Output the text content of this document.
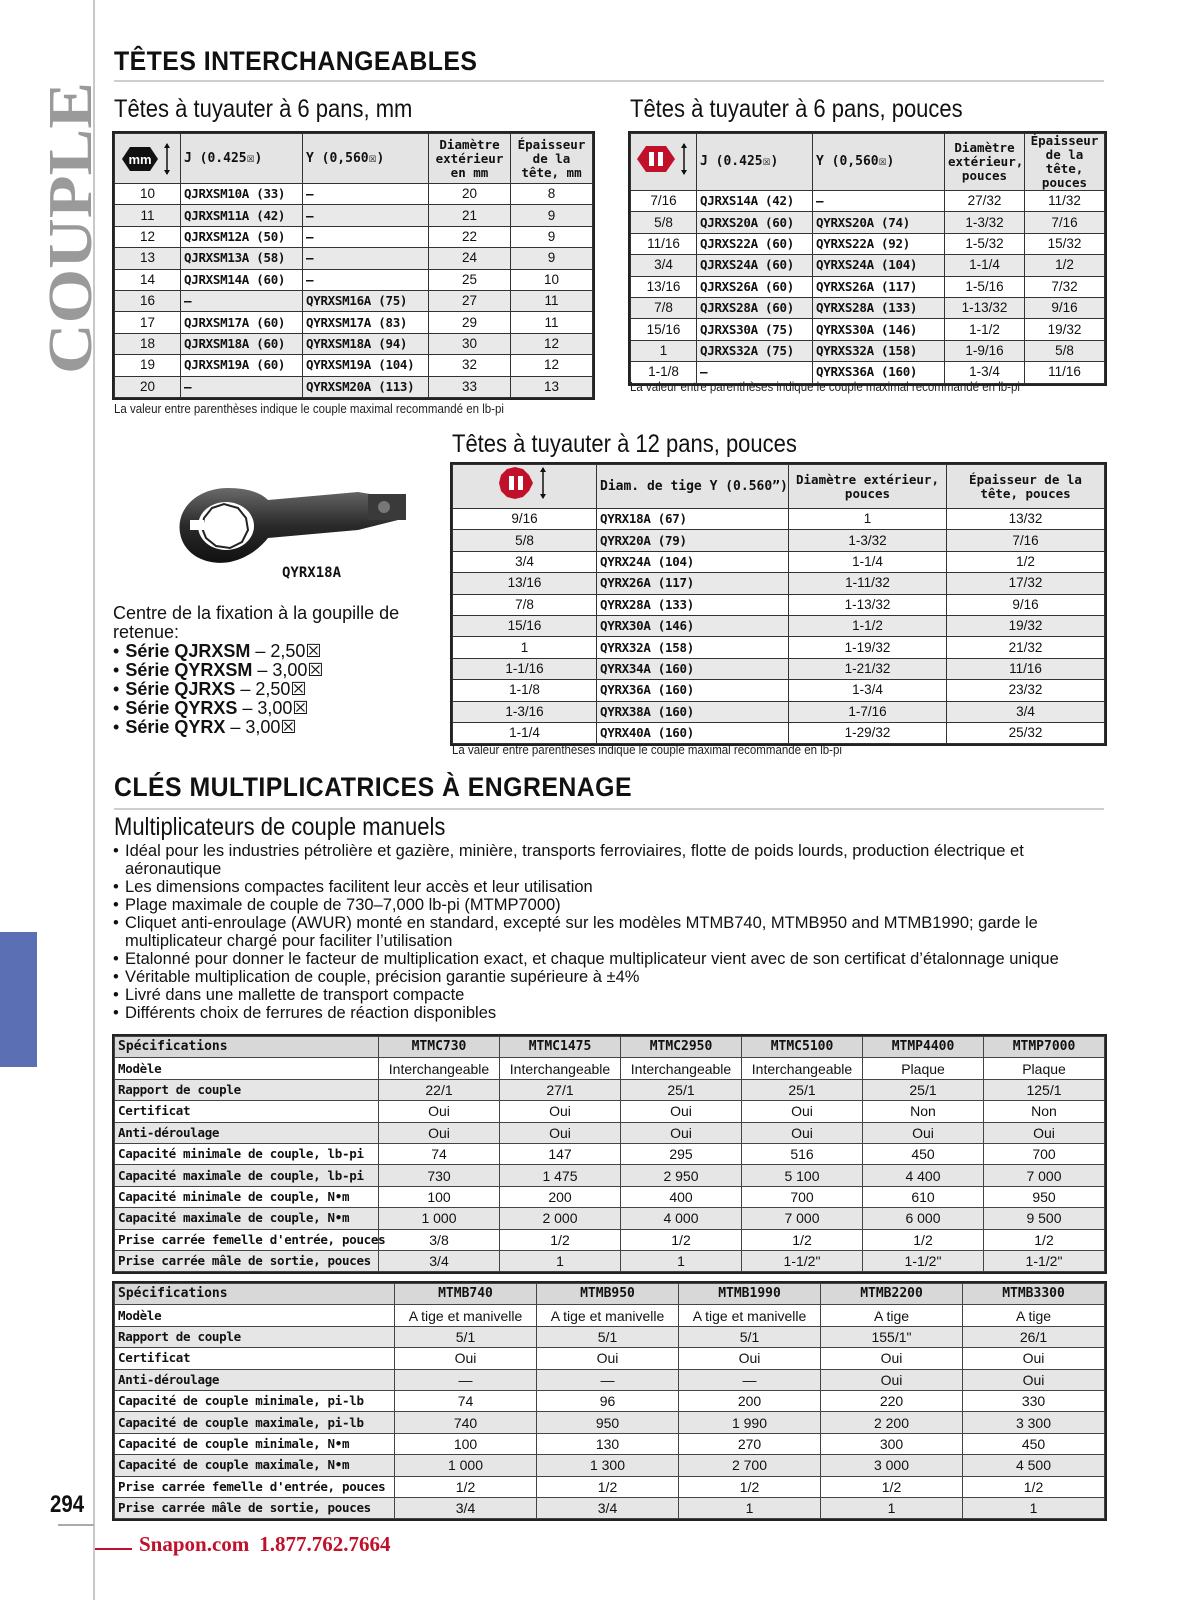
COUPLE
294
TÊTES INTERCHANGEABLES
Têtes à tuyauter à 6 pans, mm
mm	J (0.425☒)	Y (0,560☒)	Diamètre extérieur en mm	Épaisseur de la tête, mm
10	QJRXSM10A (33)	—	20	8
11	QJRXSM11A (42)	—	21	9
12	QJRXSM12A (50)	—	22	9
13	QJRXSM13A (58)	—	24	9
14	QJRXSM14A (60)	—	25	10
16	—	QYRXSM16A (75)	27	11
17	QJRXSM17A (60)	QYRXSM17A (83)	29	11
18	QJRXSM18A (60)	QYRXSM18A (94)	30	12
19	QJRXSM19A (60)	QYRXSM19A (104)	32	12
20	—	QYRXSM20A (113)	33	13
La valeur entre parenthèses indique le couple maximal recommandé en lb-pi
Têtes à tuyauter à 6 pans, pouces
	J (0.425☒)	Y (0,560☒)	Diamètre extérieur, pouces	Épaisseur de la tête, pouces
7/16	QJRXS14A (42)	—	27/32	11/32
5/8	QJRXS20A (60)	QYRXS20A (74)	1-3/32	7/16
11/16	QJRXS22A (60)	QYRXS22A (92)	1-5/32	15/32
3/4	QJRXS24A (60)	QYRXS24A (104)	1-1/4	1/2
13/16	QJRXS26A (60)	QYRXS26A (117)	1-5/16	7/32
7/8	QJRXS28A (60)	QYRXS28A (133)	1-13/32	9/16
15/16	QJRXS30A (75)	QYRXS30A (146)	1-1/2	19/32
1	QJRXS32A (75)	QYRXS32A (158)	1-9/16	5/8
1-1/8	—	QYRXS36A (160)	1-3/4	11/16
La valeur entre parenthèses indique le couple maximal recommandé en lb-pi
QYRX18A
Centre de la fixation à la goupille de retenue:
• Série QJRXSM – 2,50☒
• Série QYRXSM – 3,00☒
• Série QJRXS – 2,50☒
• Série QYRXS – 3,00☒
• Série QYRX – 3,00☒
Têtes à tuyauter à 12 pans, pouces
	Diam. de tige Y (0.560”)	Diamètre extérieur, pouces	Épaisseur de la tête, pouces
9/16	QYRX18A (67)	1	13/32
5/8	QYRX20A (79)	1-3/32	7/16
3/4	QYRX24A (104)	1-1/4	1/2
13/16	QYRX26A (117)	1-11/32	17/32
7/8	QYRX28A (133)	1-13/32	9/16
15/16	QYRX30A (146)	1-1/2	19/32
1	QYRX32A (158)	1-19/32	21/32
1-1/16	QYRX34A (160)	1-21/32	11/16
1-1/8	QYRX36A (160)	1-3/4	23/32
1-3/16	QYRX38A (160)	1-7/16	3/4
1-1/4	QYRX40A (160)	1-29/32	25/32
La valeur entre parenthèses indique le couple maximal recommandé en lb-pi
CLÉS MULTIPLICATRICES À ENGRENAGE
Multiplicateurs de couple manuels
• Idéal pour les industries pétrolière et gazière, minière, transports ferroviaires, flotte de poids lourds, production électrique et aéronautique
• Les dimensions compactes facilitent leur accès et leur utilisation
• Plage maximale de couple de 730–7,000 lb-pi (MTMP7000)
• Cliquet anti-enroulage (AWUR) monté en standard, excepté sur les modèles MTMB740, MTMB950 and MTMB1990; garde le multiplicateur chargé pour faciliter l’utilisation
• Etalonné pour donner le facteur de multiplication exact, et chaque multiplicateur vient avec de son certificat d’étalonnage unique
• Véritable multiplication de couple, précision garantie supérieure à ±4%
• Livré dans une mallette de transport compacte
• Différents choix de ferrures de réaction disponibles
Spécifications	MTMC730	MTMC1475	MTMC2950	MTMC5100	MTMP4400	MTMP7000
Modèle	Interchangeable	Interchangeable	Interchangeable	Interchangeable	Plaque	Plaque
Rapport de couple	22/1	27/1	25/1	25/1	25/1	125/1
Certificat	Oui	Oui	Oui	Oui	Non	Non
Anti-déroulage	Oui	Oui	Oui	Oui	Oui	Oui
Capacité minimale de couple, lb-pi	74	147	295	516	450	700
Capacité maximale de couple, lb-pi	730	1 475	2 950	5 100	4 400	7 000
Capacité minimale de couple, N•m	100	200	400	700	610	950
Capacité maximale de couple, N•m	1 000	2 000	4 000	7 000	6 000	9 500
Prise carrée femelle d'entrée, pouces	3/8	1/2	1/2	1/2	1/2	1/2
Prise carrée mâle de sortie, pouces	3/4	1	1	1-1/2"	1-1/2"	1-1/2"
Spécifications	MTMB740	MTMB950	MTMB1990	MTMB2200	MTMB3300
Modèle	A tige et manivelle	A tige et manivelle	A tige et manivelle	A tige	A tige
Rapport de couple	5/1	5/1	5/1	155/1"	26/1
Certificat	Oui	Oui	Oui	Oui	Oui
Anti-déroulage	—	—	—	Oui	Oui
Capacité de couple minimale, pi-lb	74	96	200	220	330
Capacité de couple maximale, pi-lb	740	950	1 990	2 200	3 300
Capacité de couple minimale, N•m	100	130	270	300	450
Capacité de couple maximale, N•m	1 000	1 300	2 700	3 000	4 500
Prise carrée femelle d'entrée, pouces	1/2	1/2	1/2	1/2	1/2
Prise carrée mâle de sortie, pouces	3/4	3/4	1	1	1
Snapon.com 1.877.762.7664
